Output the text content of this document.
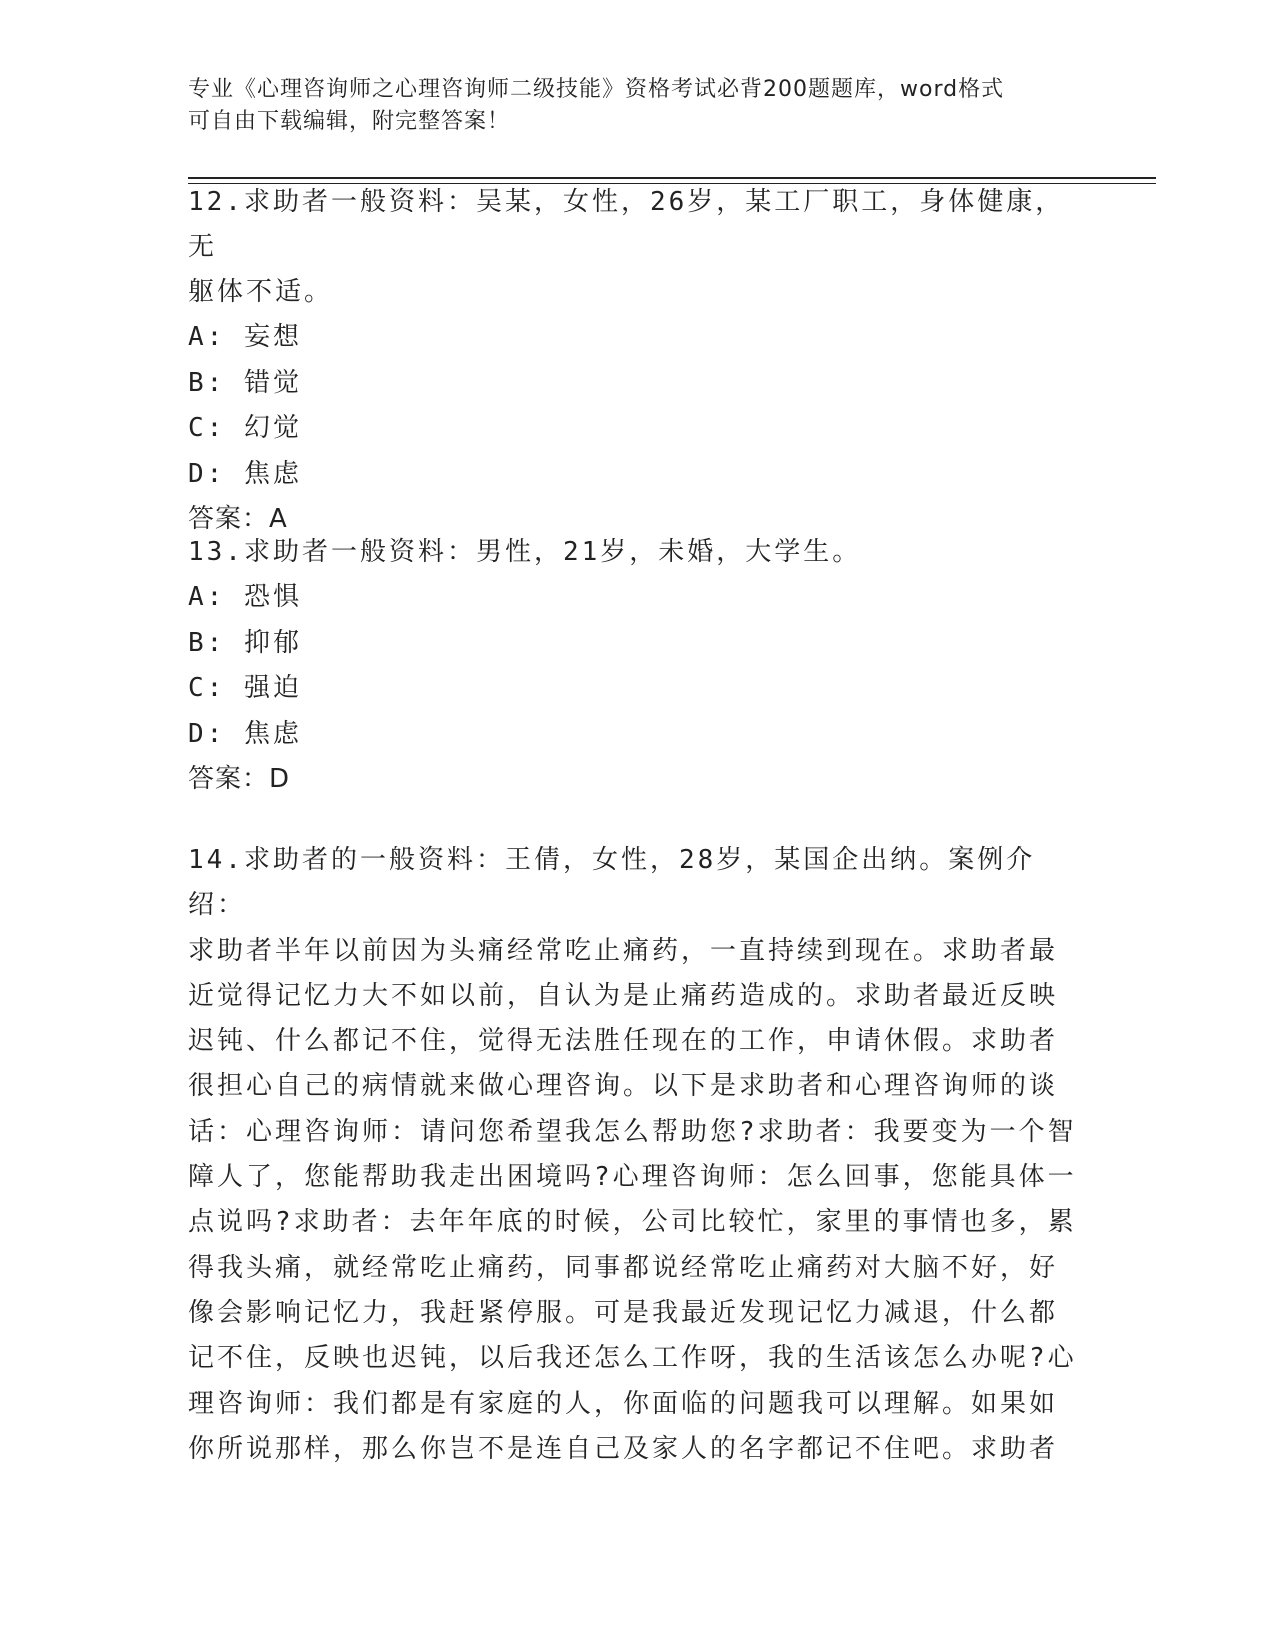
专业《心理咨询师之心理咨询师二级技能》资格考试必背200题题库，word格式
可自由下载编辑，附完整答案！
12.求助者一般资料：吴某，女性，26岁，某工厂职工，身体健康，无
躯体不适。
A: 妄想
B: 错觉
C: 幻觉
D: 焦虑
答案：A
13.求助者一般资料：男性，21岁，未婚，大学生。
A: 恐惧
B: 抑郁
C: 强迫
D: 焦虑
答案：D
14.求助者的一般资料：王倩，女性，28岁，某国企出纳。案例介绍：
求助者半年以前因为头痛经常吃止痛药，一直持续到现在。求助者最
近觉得记忆力大不如以前，自认为是止痛药造成的。求助者最近反映
迟钝、什么都记不住，觉得无法胜任现在的工作，申请休假。求助者
很担心自己的病情就来做心理咨询。以下是求助者和心理咨询师的谈
话：心理咨询师：请问您希望我怎么帮助您?求助者：我要变为一个智
障人了，您能帮助我走出困境吗?心理咨询师：怎么回事，您能具体一
点说吗?求助者：去年年底的时候，公司比较忙，家里的事情也多，累
得我头痛，就经常吃止痛药，同事都说经常吃止痛药对大脑不好，好
像会影响记忆力，我赶紧停服。可是我最近发现记忆力减退，什么都
记不住，反映也迟钝，以后我还怎么工作呀，我的生活该怎么办呢?心
理咨询师：我们都是有家庭的人，你面临的问题我可以理解。如果如
你所说那样，那么你岂不是连自己及家人的名字都记不住吧。求助者
